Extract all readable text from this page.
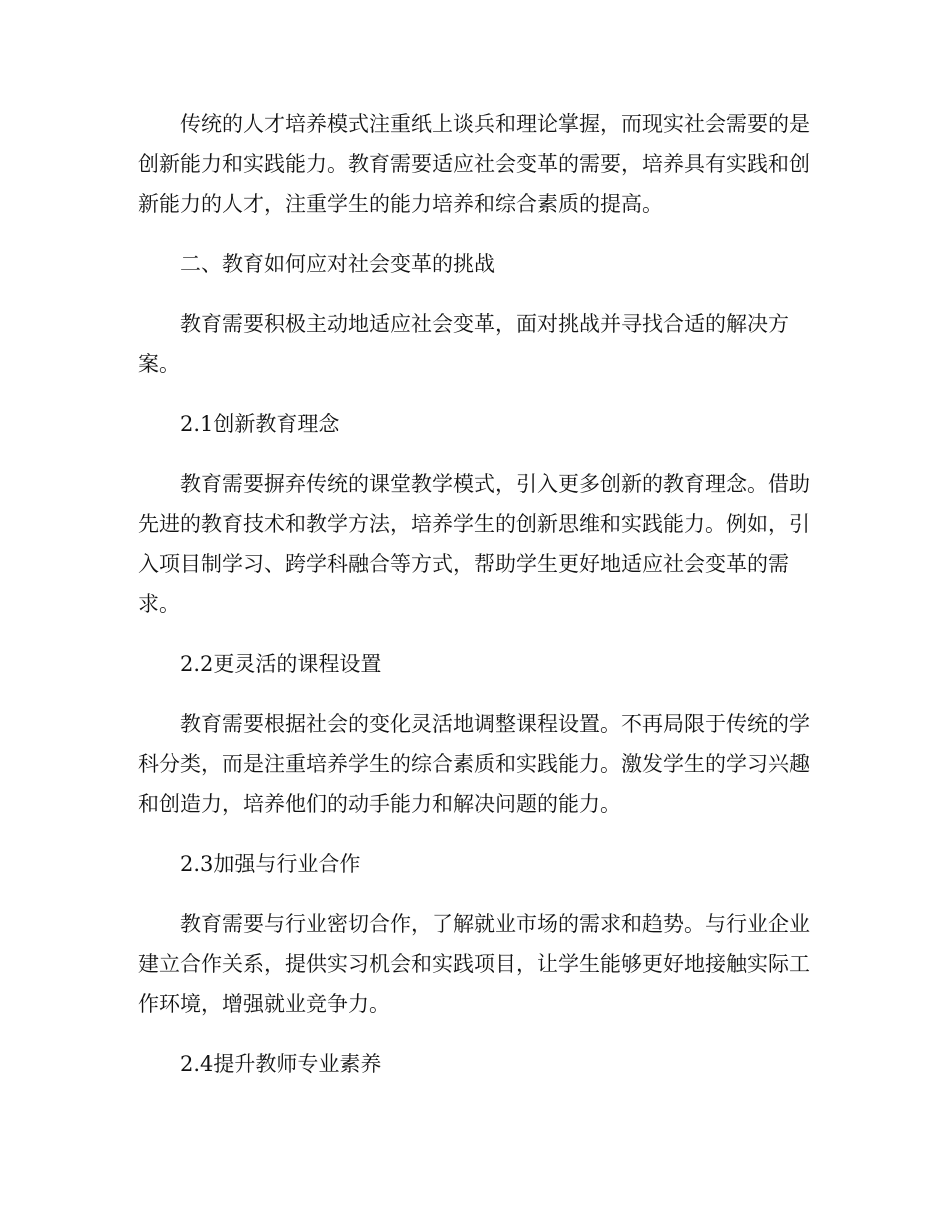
传统的人才培养模式注重纸上谈兵和理论掌握，而现实社会需要的是创新能力和实践能力。教育需要适应社会变革的需要，培养具有实践和创新能力的人才，注重学生的能力培养和综合素质的提高。

二、教育如何应对社会变革的挑战

教育需要积极主动地适应社会变革，面对挑战并寻找合适的解决方案。

2.1创新教育理念

教育需要摒弃传统的课堂教学模式，引入更多创新的教育理念。借助先进的教育技术和教学方法，培养学生的创新思维和实践能力。例如，引入项目制学习、跨学科融合等方式，帮助学生更好地适应社会变革的需求。

2.2更灵活的课程设置

教育需要根据社会的变化灵活地调整课程设置。不再局限于传统的学科分类，而是注重培养学生的综合素质和实践能力。激发学生的学习兴趣和创造力，培养他们的动手能力和解决问题的能力。

2.3加强与行业合作

教育需要与行业密切合作，了解就业市场的需求和趋势。与行业企业建立合作关系，提供实习机会和实践项目，让学生能够更好地接触实际工作环境，增强就业竞争力。

2.4提升教师专业素养
